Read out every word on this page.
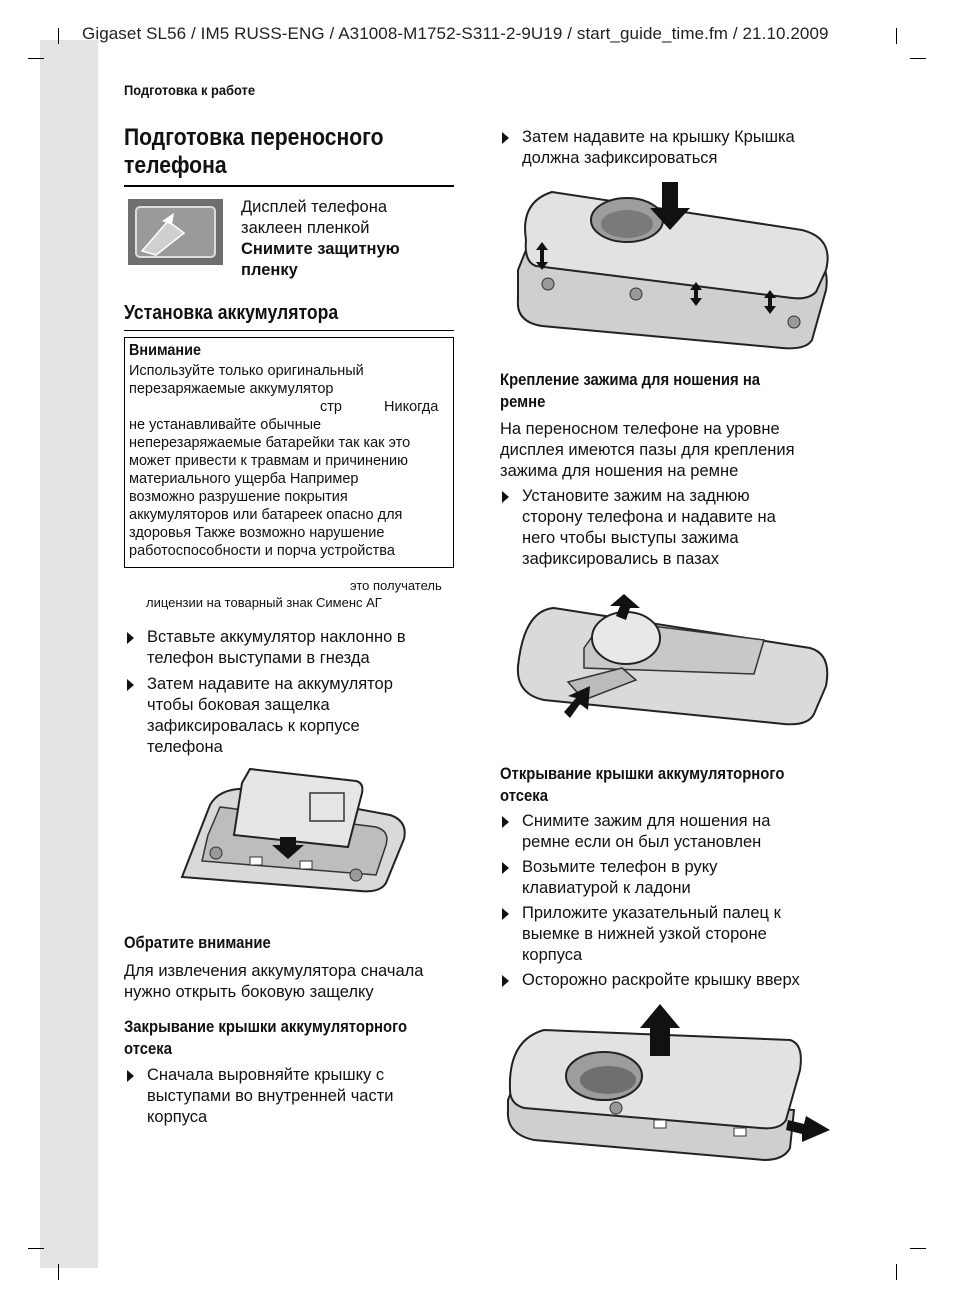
Gigaset SL56 / IM5 RUSS-ENG / A31008-M1752-S311-2-9U19 / start_guide_time.fm / 21.10.2009
Подготовка к работе
Подготовка переносного
телефона
Дисплей телефона
заклеен пленкой
Снимите защитную
пленку
Установка аккумулятора
Внимание
Используйте только оригинальный
перезаряжаемые аккумулятор
стр	Никогда
не устанавливайте обычные
неперезаряжаемые батарейки так как это
может привести к травмам и причинению
материального ущерба Например
возможно разрушение покрытия
аккумуляторов или батареек опасно для
здоровья Также возможно нарушение
работоспособности и порча устройства
это получатель
лицензии на товарный знак Сименс АГ
Вставьте аккумулятор наклонно в
телефон выступами в гнезда
Затем надавите на аккумулятор
чтобы боковая защелка
зафиксировалась к корпусе
телефона
Обратите внимание
Для извлечения аккумулятора сначала
нужно открыть боковую защелку
Закрывание крышки аккумуляторного
отсека
Сначала выровняйте крышку с
выступами во внутренней части
корпуса
Затем надавите на крышку Крышка
должна зафиксироваться
Крепление зажима для ношения на
ремне
На переносном телефоне на уровне
дисплея имеются пазы для крепления
зажима для ношения на ремне
Установите зажим на заднюю
сторону телефона и надавите на
него чтобы выступы зажима
зафиксировались в пазах
Открывание крышки аккумуляторного
отсека
Снимите зажим для ношения на
ремне если он был установлен
Возьмите телефон в руку
клавиатурой к ладони
Приложите указательный палец к
выемке в нижней узкой стороне
корпуса
Осторожно раскройте крышку вверх
